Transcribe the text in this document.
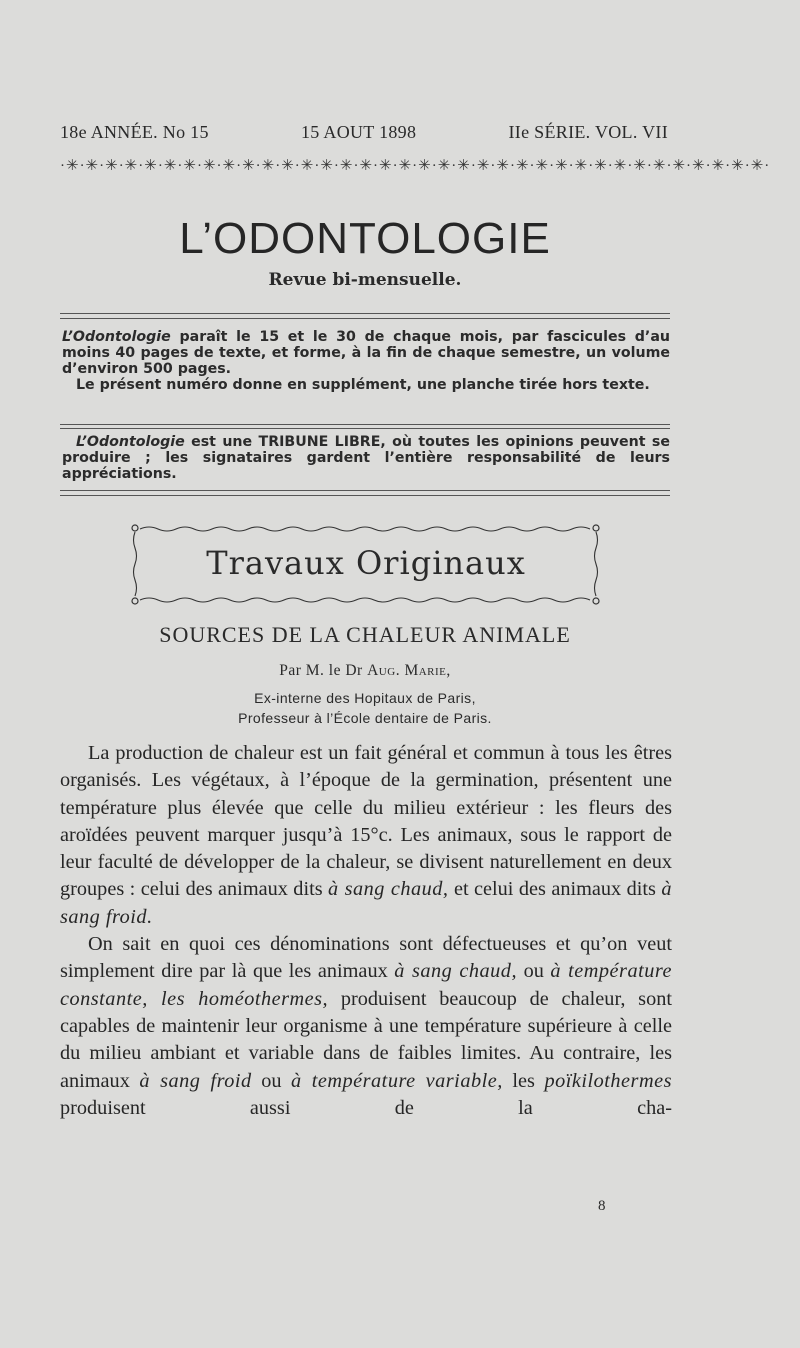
18e ANNÉE. No 15	15 AOUT 1898	IIe SÉRIE. VOL. VII
·✳·✳·✳·✳·✳·✳·✳·✳·✳·✳·✳·✳·✳·✳·✳·✳·✳·✳·✳·✳·✳·✳·✳·✳·✳·✳·✳·✳·✳·✳·✳·✳·✳·✳·✳·✳·
L’ODONTOLOGIE
Revue bi-mensuelle.

L’Odontologie paraît le 15 et le 30 de chaque mois, par fascicules d’au moins 40 pages de texte, et forme, à la fin de chaque semestre, un volume d’environ 500 pages.

Le présent numéro donne en supplément, une planche tirée hors texte.

L’Odontologie est une TRIBUNE LIBRE, où toutes les opinions peuvent se produire ; les signataires gardent l’entière responsabilité de leurs appréciations.

Travaux Originaux
SOURCES DE LA CHALEUR ANIMALE
Par M. le Dr Aug. Marie,
Ex-interne des Hopitaux de Paris,
Professeur à l’École dentaire de Paris.

La production de chaleur est un fait général et commun à tous les êtres organisés. Les végétaux, à l’époque de la germination, présentent une température plus élevée que celle du milieu extérieur : les fleurs des aroïdées peuvent marquer jusqu’à 15°c. Les animaux, sous le rapport de leur faculté de développer de la chaleur, se divisent naturellement en deux groupes : celui des animaux dits à sang chaud, et celui des animaux dits à sang froid.

On sait en quoi ces dénominations sont défectueuses et qu’on veut simplement dire par là que les animaux à sang chaud, ou à température constante, les homéothermes, produisent beaucoup de chaleur, sont capables de maintenir leur organisme à une température supérieure à celle du milieu ambiant et variable dans de faibles limites. Au contraire, les animaux à sang froid ou à température variable, les poïkilothermes produisent aussi de la cha-

8
